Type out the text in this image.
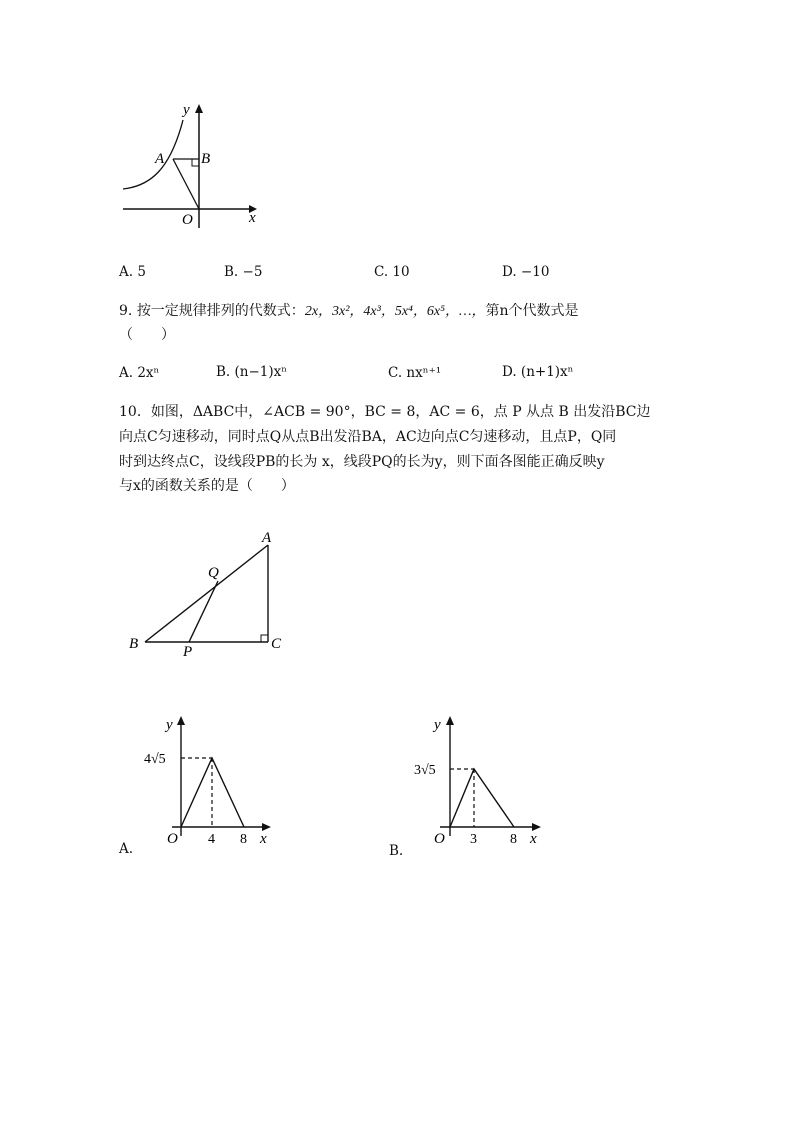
y
x
A B
O
A. 5	B. −5	C. 10	D. −10
9. 按一定规律排列的代数式：2x，3x²，4x³，5x⁴，6x⁵，…，第n个代数式是
（　　）
A. 2xⁿ	B. (n−1)xⁿ	C. nxⁿ⁺¹	D. (n+1)xⁿ
10．如图，ΔABC中，∠ACB = 90°，BC = 8，AC = 6，点 P 从点 B 出发沿BC边
向点C匀速移动，同时点Q从点B出发沿BA，AC边向点C匀速移动，且点P，Q同
时到达终点C，设线段PB的长为 x，线段PQ的长为y，则下面各图能正确反映y
与x的函数关系的是（　　）
A
B	C
P
Q
y
x
O
4√5
4 8
A.
y
x
O
3√5
3 8
B.
